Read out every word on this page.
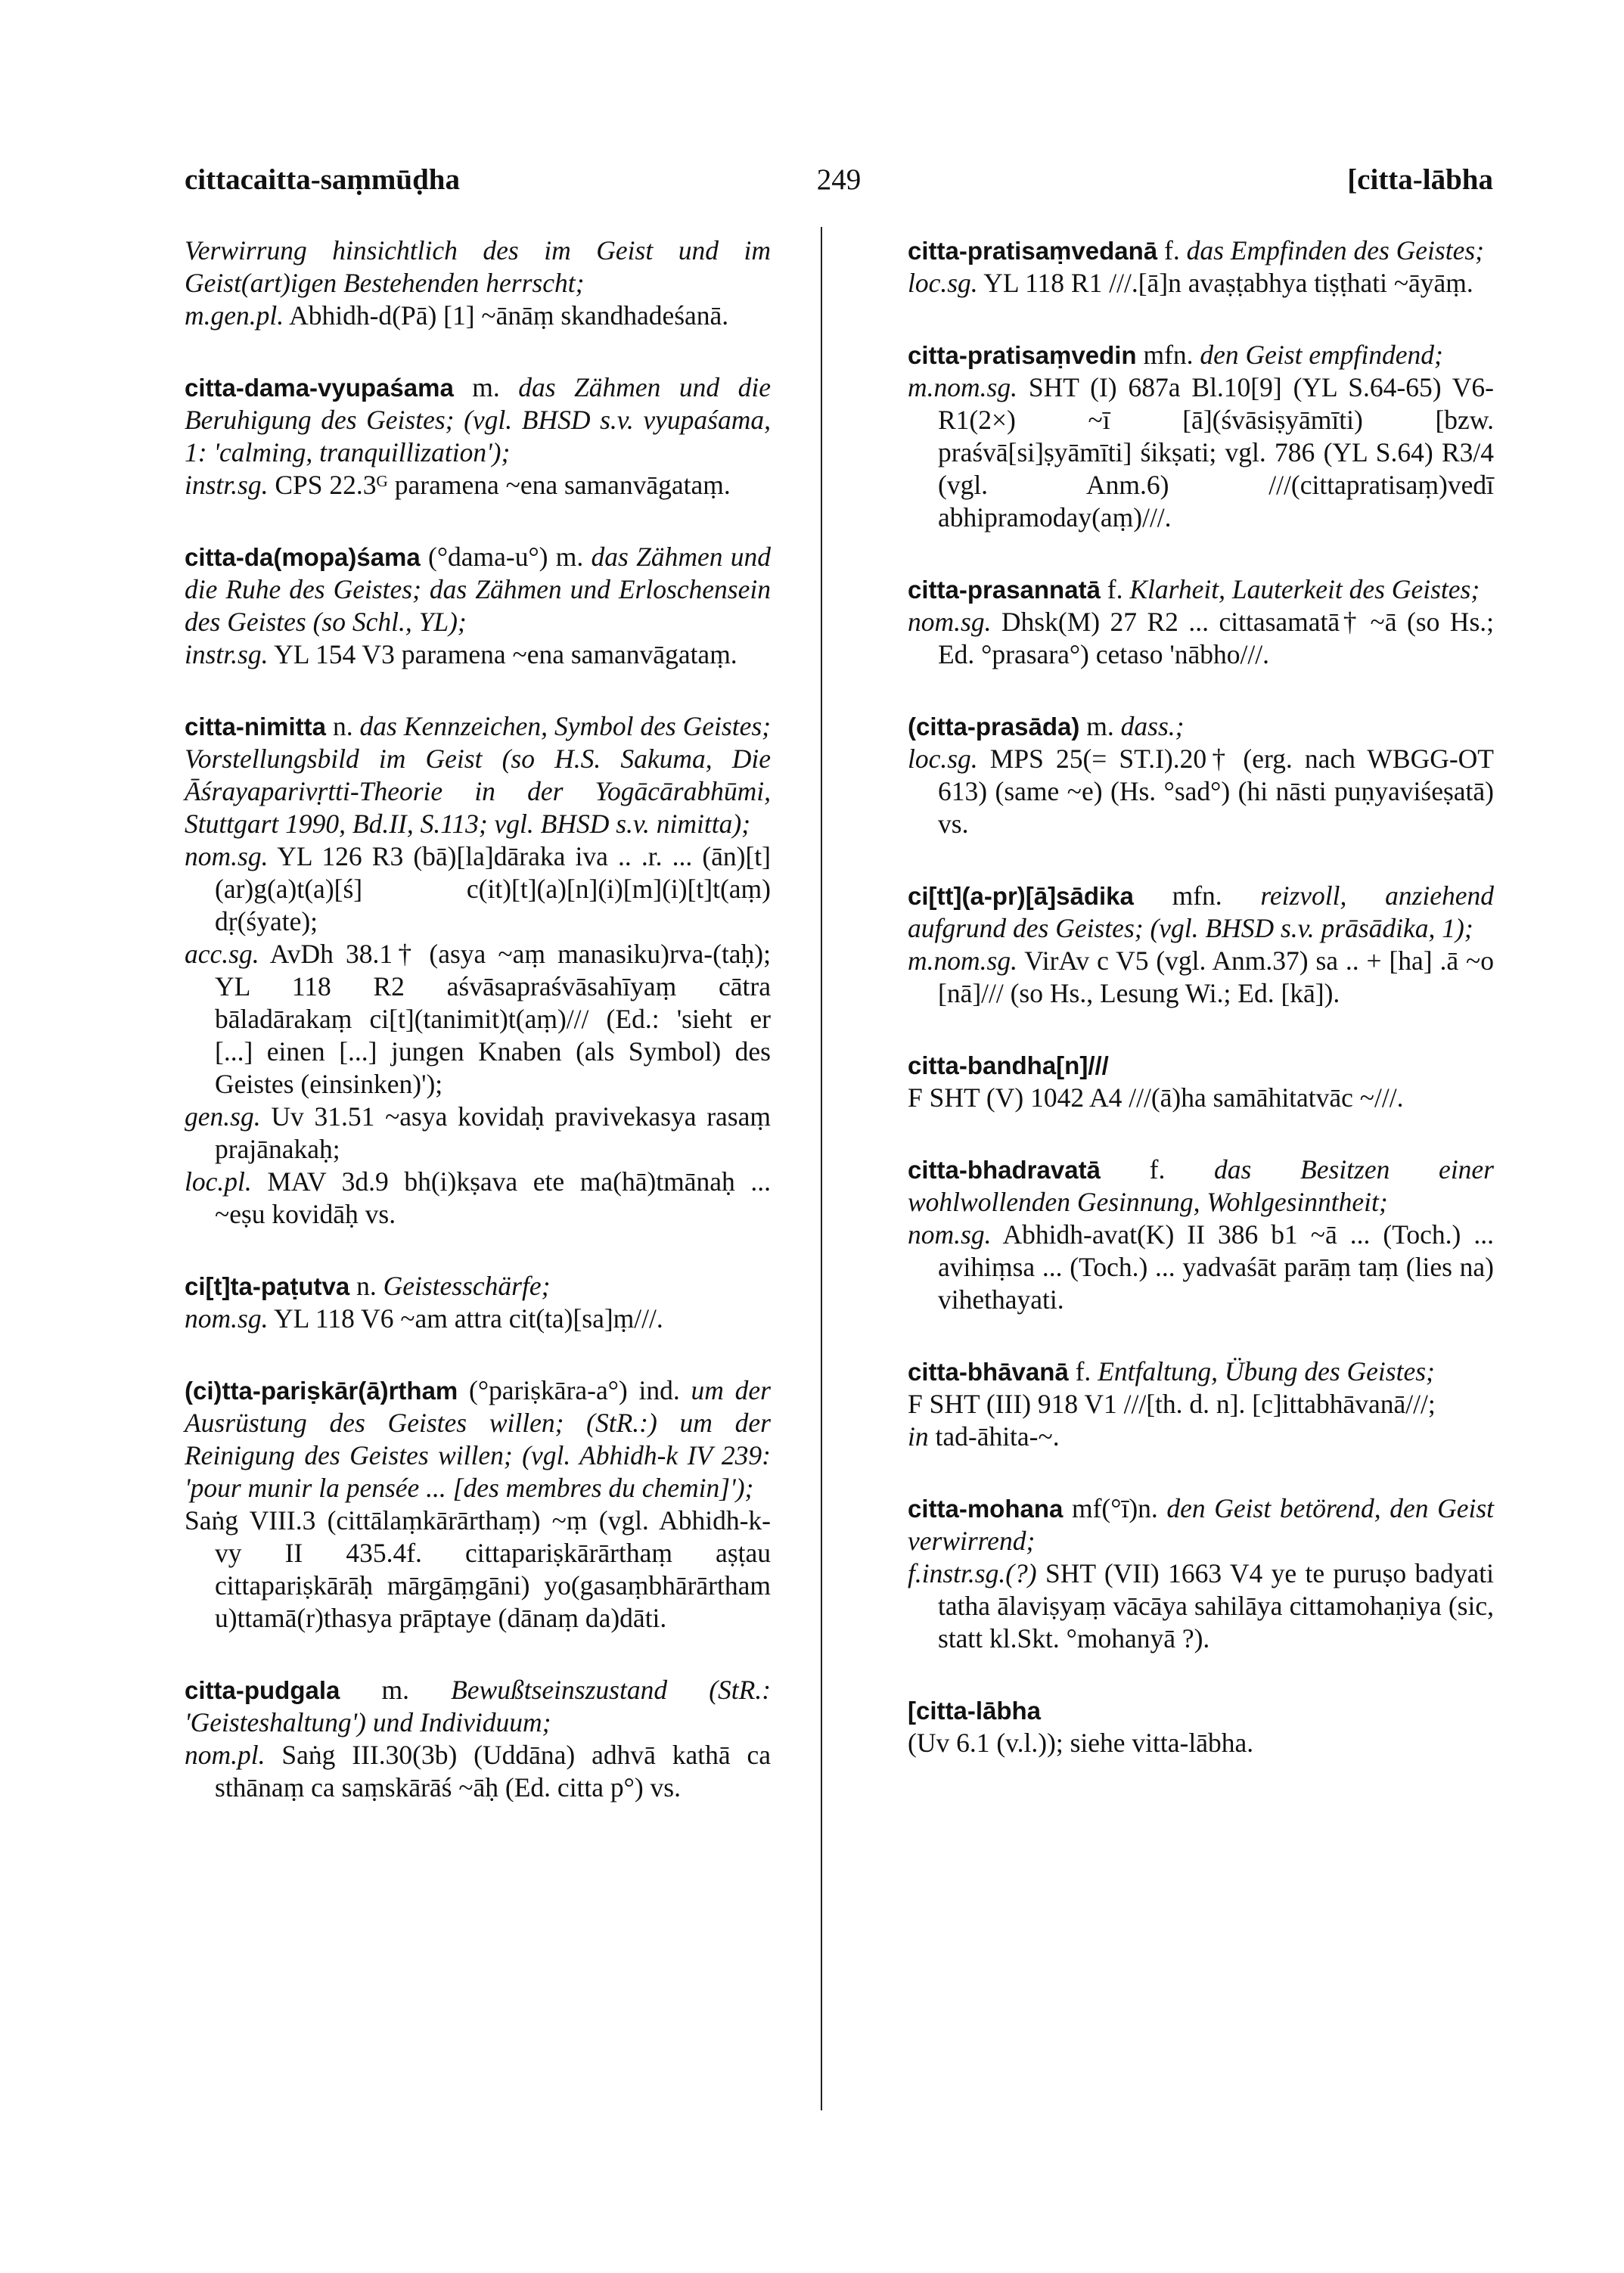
cittacaitta-saṃmūḍha	249	[citta-lābha

Verwirrung hinsichtlich des im Geist und im Geist(art)igen Bestehenden herrscht;

m.gen.pl. Abhidh-d(Pā) [1] ~ānāṃ skandhadeśanā.

citta-dama-vyupaśama m. das Zähmen und die Beruhigung des Geistes; (vgl. BHSD s.v. vyupaśama, 1: 'calming, tranquillization');

instr.sg. CPS 22.3ᴳ paramena ~ena samanvāgataṃ.

citta-da(mopa)śama (°dama-u°) m. das Zähmen und die Ruhe des Geistes; das Zähmen und Erloschensein des Geistes (so Schl., YL);

instr.sg. YL 154 V3 paramena ~ena samanvāgataṃ.

citta-nimitta n. das Kennzeichen, Symbol des Geistes; Vorstellungsbild im Geist (so H.S. Sakuma, Die Āśrayaparivṛtti-Theorie in der Yogācārabhūmi, Stuttgart 1990, Bd.II, S.113; vgl. BHSD s.v. nimitta);

nom.sg. YL 126 R3 (bā)[la]dāraka iva .. .r. ... (ān)[t](ar)g(a)t(a)[ś] c(it)[t](a)[n](i)[m](i)[t]t(aṃ) dṛ(śyate);

acc.sg. AvDh 38.1† (asya ~aṃ manasiku)rva-(taḥ); YL 118 R2 aśvāsapraśvāsahīyaṃ cātra bāladārakaṃ ci[t](tanimit)t(aṃ)/// (Ed.: 'sieht er [...] einen [...] jungen Knaben (als Symbol) des Geistes (einsinken)');

gen.sg. Uv 31.51 ~asya kovidaḥ pravivekasya rasaṃ prajānakaḥ;

loc.pl. MAV 3d.9 bh(i)kṣava ete ma(hā)tmānaḥ ... ~eṣu kovidāḥ vs.

ci[t]ta-paṭutva n. Geistesschärfe;

nom.sg. YL 118 V6 ~am attra cit(ta)[sa]ṃ///.

(ci)tta-pariṣkār(ā)rtham (°pariṣkāra-a°) ind. um der Ausrüstung des Geistes willen; (StR.:) um der Reinigung des Geistes willen; (vgl. Abhidh-k IV 239: 'pour munir la pensée ... [des membres du chemin]');

Saṅg VIII.3 (cittālaṃkārārthaṃ) ~ṃ (vgl. Abhidh-k-vy II 435.4f. cittapariṣkārārthaṃ aṣṭau cittapariṣkārāḥ mārgāṃgāni) yo(gasaṃbhārārtham u)ttamā(r)thasya prāptaye (dānaṃ da)dāti.

citta-pudgala m. Bewußtseinszustand (StR.: 'Geisteshaltung') und Individuum;

nom.pl. Saṅg III.30(3b) (Uddāna) adhvā kathā ca sthānaṃ ca saṃskārāś ~āḥ (Ed. citta p°) vs.

citta-pratisaṃvedanā f. das Empfinden des Geistes;

loc.sg. YL 118 R1 ///.[ā]n avaṣṭabhya tiṣṭhati ~āyāṃ.

citta-pratisaṃvedin mfn. den Geist empfindend;

m.nom.sg. SHT (I) 687a Bl.10[9] (YL S.64-65) V6-R1(2×) ~ī [ā](śvāsiṣyāmīti) [bzw. praśvā[si]ṣyāmīti] śikṣati; vgl. 786 (YL S.64) R3/4 (vgl. Anm.6) ///(cittapratisaṃ)vedī abhipramoday(aṃ)///.

citta-prasannatā f. Klarheit, Lauterkeit des Geistes;

nom.sg. Dhsk(M) 27 R2 ... cittasamatā† ~ā (so Hs.; Ed. °prasara°) cetaso 'nābho///.

(citta-prasāda) m. dass.;

loc.sg. MPS 25(= ST.I).20† (erg. nach WBGG-OT 613) (same ~e) (Hs. °sad°) (hi nāsti puṇyaviśeṣatā) vs.

ci[tt](a-pr)[ā]sādika mfn. reizvoll, anziehend aufgrund des Geistes; (vgl. BHSD s.v. prāsādika, 1);

m.nom.sg. VirAv c V5 (vgl. Anm.37) sa .. + [ha] .ā ~o [nā]/// (so Hs., Lesung Wi.; Ed. [kā]).

citta-bandha[n]///

F SHT (V) 1042 A4 ///(ā)ha samāhitatvāc ~///.

citta-bhadravatā f. das Besitzen einer wohlwollenden Gesinnung, Wohlgesinntheit;

nom.sg. Abhidh-avat(K) II 386 b1 ~ā ... (Toch.) ... avihiṃsa ... (Toch.) ... yadvaśāt parāṃ taṃ (lies na) vihethayati.

citta-bhāvanā f. Entfaltung, Übung des Geistes;

F SHT (III) 918 V1 ///[th. d. n]. [c]ittabhāvanā///;

in tad-āhita-~.

citta-mohana mf(°ī)n. den Geist betörend, den Geist verwirrend;

f.instr.sg.(?) SHT (VII) 1663 V4 ye te puruṣo badyati tatha ālaviṣyaṃ vācāya sahilāya cittamohaṇiya (sic, statt kl.Skt. °mohanyā ?).

[citta-lābha

(Uv 6.1 (v.l.)); siehe vitta-lābha.
